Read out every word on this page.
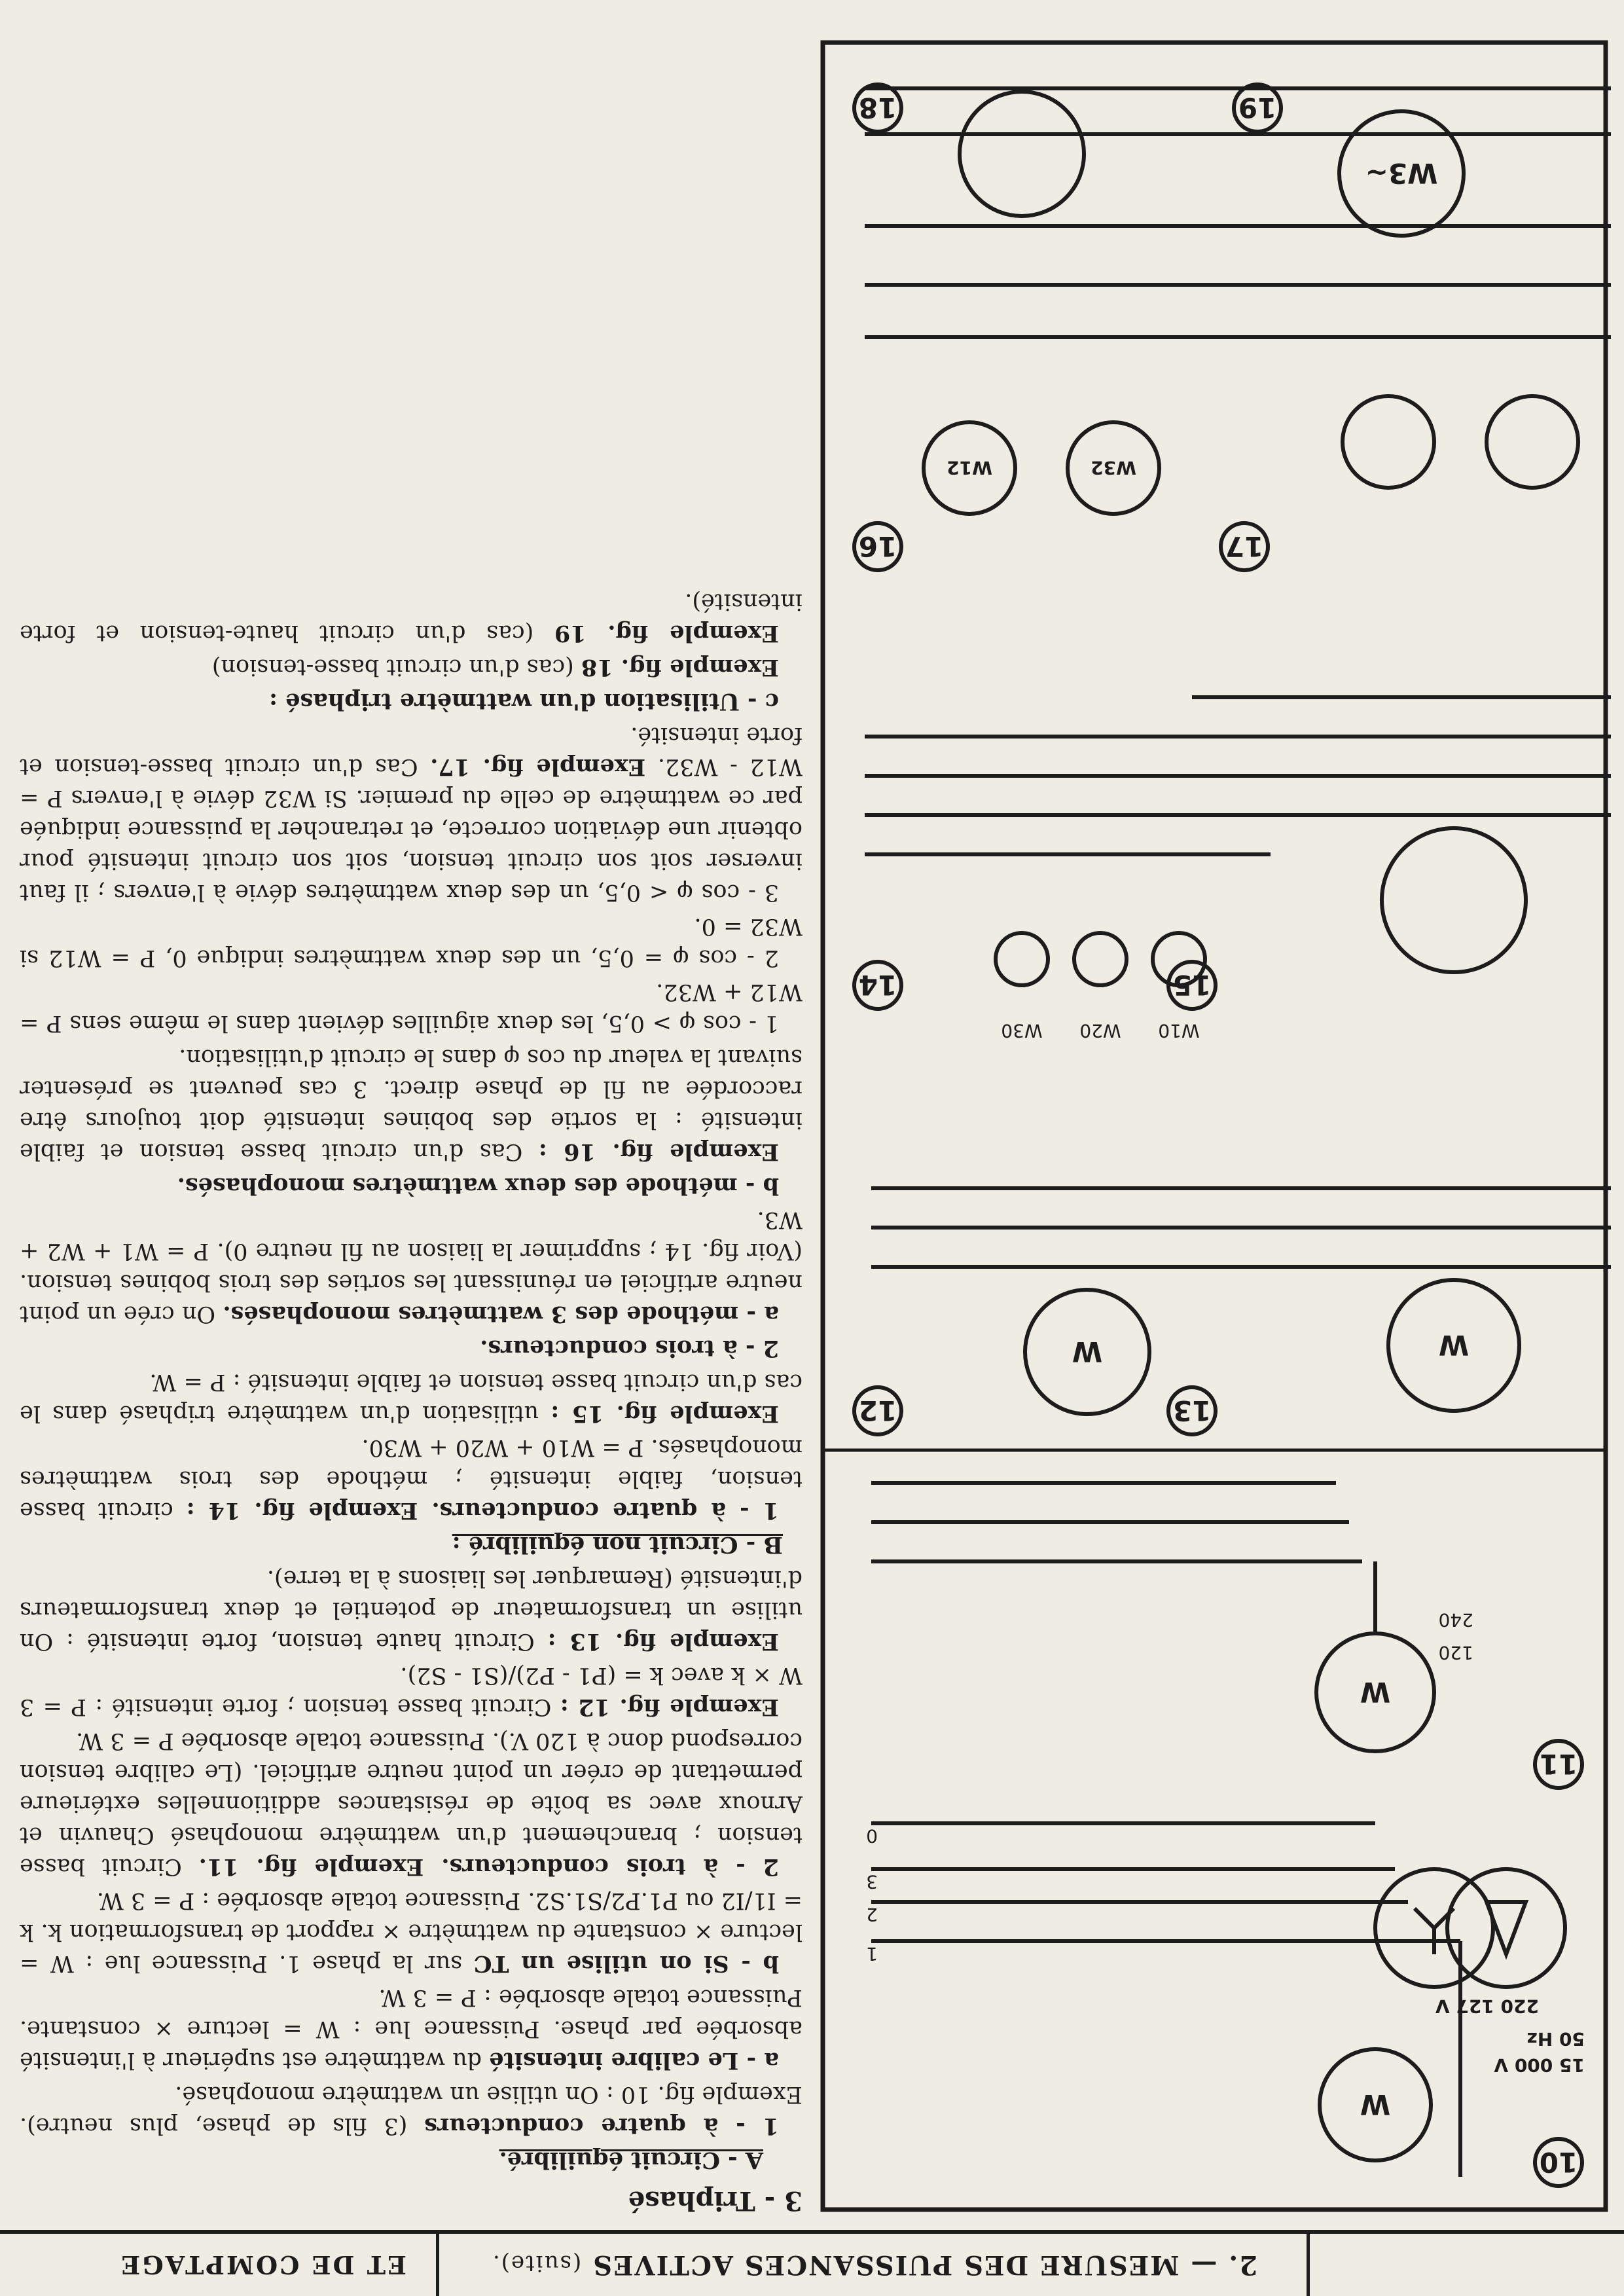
2. — MESURE DES PUISSANCES ACTIVES (suite).
ET DE COMPTAGE

3 - Triphasé

A - Circuit équilibré.

1 - à quatre conducteurs (3 fils de phase, plus neutre). Exemple fig. 10 : On utilise un wattmètre monophasé.

a - Le calibre intensité du wattmètre est supérieur à l'intensité absorbée par phase. Puissance lue : W = lecture × constante. Puissance totale absorbée : P = 3 W.

b - Si on utilise un TC sur la phase 1. Puissance lue : W = lecture × constante du wattmètre × rapport de transformation k. k = I1/I2 ou P1.P2/S1.S2. Puissance totale absorbée : P = 3 W.

2 - à trois conducteurs. Exemple fig. 11. Circuit basse tension ; branchement d'un wattmètre monophasé Chauvin et Arnoux avec sa boîte de résistances additionnelles extérieure permettant de créer un point neutre artificiel. (Le calibre tension correspond donc à 120 V.). Puissance totale absorbée P = 3 W.

Exemple fig. 12 : Circuit basse tension ; forte intensité : P = 3 W × k avec k = (P1 - P2)/(S1 - S2).

Exemple fig. 13 : Circuit haute tension, forte intensité : On utilise un transformateur de potentiel et deux transformateurs d'intensité (Remarquer les liaisons à la terre).

B - Circuit non équilibré :

1 - à quatre conducteurs. Exemple fig. 14 : circuit basse tension, faible intensité ; méthode des trois wattmètres monophasés. P = W10 + W20 + W30.

Exemple fig. 15 : utilisation d'un wattmètre triphasé dans le cas d'un circuit basse tension et faible intensité : P = W.

2 - à trois conducteurs.

a - méthode des 3 wattmètres monophasés. On crée un point neutre artificiel en réunissant les sorties des trois bobines tension. (Voir fig. 14 ; supprimer la liaison au fil neutre 0). P = W1 + W2 + W3.

b - méthode des deux wattmètres monophasés.

Exemple fig. 16 : Cas d'un circuit basse tension et faible intensité : la sortie des bobines intensité doit toujours être raccordée au fil de phase direct. 3 cas peuvent se présenter suivant la valeur du cos φ dans le circuit d'utilisation.

1 - cos φ > 0,5, les deux aiguilles dévient dans le même sens P = W12 + W32.

2 - cos φ = 0,5, un des deux wattmètres indique 0, P = W12 si W32 = 0.

3 - cos φ < 0,5, un des deux wattmètres dévie à l'envers ; il faut inverser soit son circuit tension, soit son circuit intensité pour obtenir une déviation correcte, et retrancher la puissance indiquée par ce wattmètre de celle du premier. Si W32 dévie à l'envers P = W12 - W32. Exemple fig. 17. Cas d'un circuit basse-tension et forte intensité.

c - Utilisation d'un wattmètre triphasé :

Exemple fig. 18 (cas d'un circuit basse-tension)

Exemple fig. 19 (cas d'un circuit haute-tension et forte intensité).

10
15 000 V
50 Hz
220 127 V
W
1
2
3
0
11
W
120
240
12
W
13
W
14
W10
W20
W30
15
16
W12	W32
17
18	19
W3~
